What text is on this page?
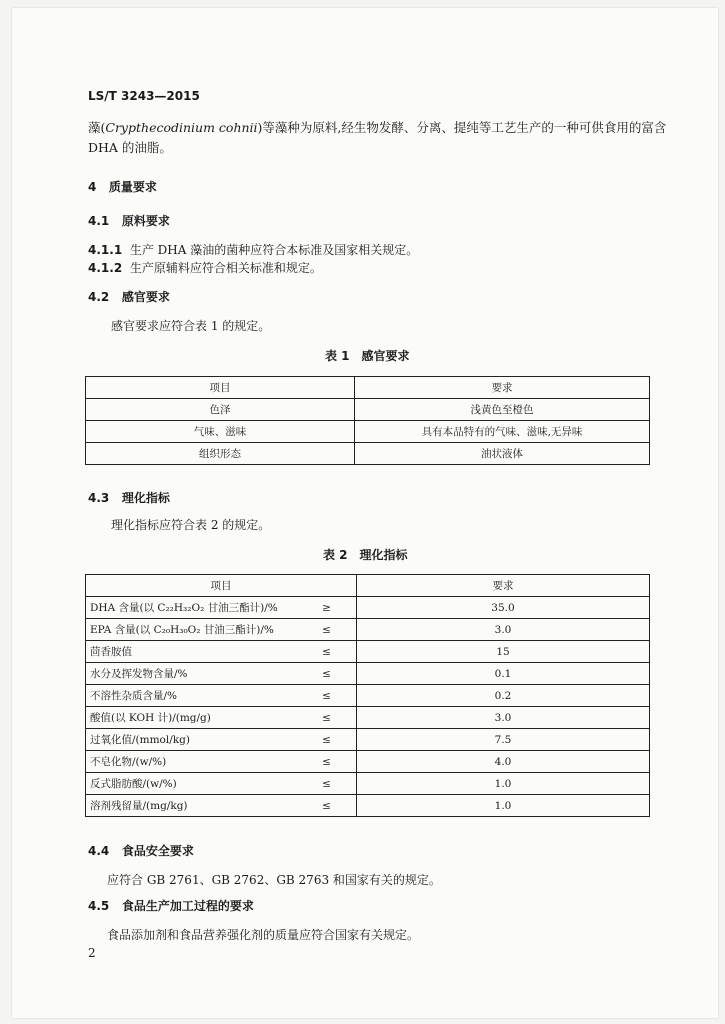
LS/T 3243—2015
藻(Crypthecodinium cohnii)等藻种为原料,经生物发酵、分离、提纯等工艺生产的一种可供食用的富含
DHA 的油脂。
4 质量要求
4.1 原料要求
4.1.1 生产 DHA 藻油的菌种应符合本标准及国家相关规定。
4.1.2 生产原辅料应符合相关标准和规定。
4.2 感官要求
感官要求应符合表 1 的规定。
表 1　感官要求
项目	要求
色泽	浅黄色至橙色
气味、滋味	具有本品特有的气味、滋味,无异味
组织形态	油状液体
4.3 理化指标
理化指标应符合表 2 的规定。
表 2　理化指标
项目		要求
DHA 含量(以 C₂₂H₃₂O₂ 甘油三酯计)/%	≥	35.0
EPA 含量(以 C₂₀H₃₀O₂ 甘油三酯计)/%	≤	3.0
茴香胺值	≤	15
水分及挥发物含量/%	≤	0.1
不溶性杂质含量/%	≤	0.2
酸值(以 KOH 计)/(mg/g)	≤	3.0
过氧化值/(mmol/kg)	≤	7.5
不皂化物/(w/%)	≤	4.0
反式脂肪酸/(w/%)	≤	1.0
溶剂残留量/(mg/kg)	≤	1.0
4.4 食品安全要求
应符合 GB 2761、GB 2762、GB 2763 和国家有关的规定。
4.5 食品生产加工过程的要求
食品添加剂和食品营养强化剂的质量应符合国家有关规定。
2
